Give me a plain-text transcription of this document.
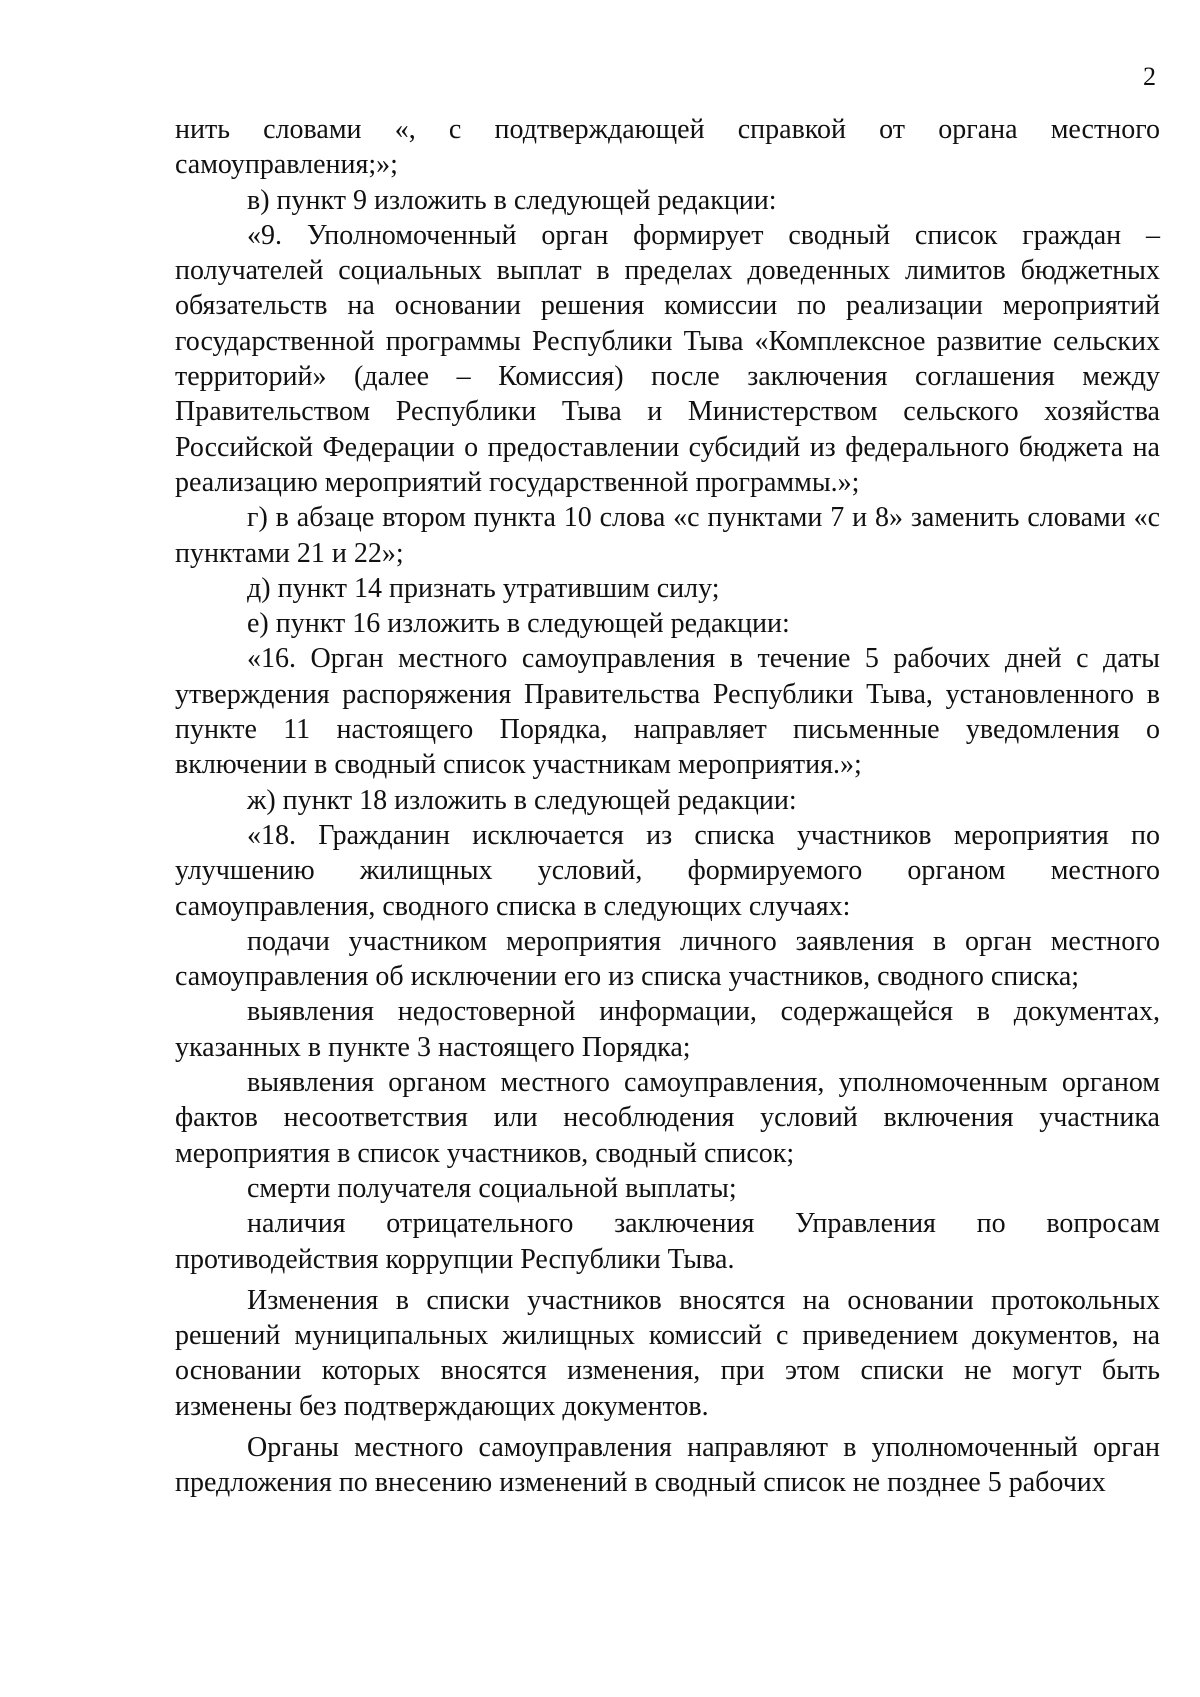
2

нить словами «, с подтверждающей справкой от органа местного самоуправления;»;

в) пункт 9 изложить в следующей редакции:

«9. Уполномоченный орган формирует сводный список граждан – получателей социальных выплат в пределах доведенных лимитов бюджетных обязательств на основании решения комиссии по реализации мероприятий государственной программы Республики Тыва «Комплексное развитие сельских территорий» (далее – Комиссия) после заключения соглашения между Правительством Республики Тыва и Министерством сельского хозяйства Российской Федерации о предоставлении субсидий из федерального бюджета на реализацию мероприятий государственной программы.»;

г) в абзаце втором пункта 10 слова «с пунктами 7 и 8» заменить словами «с пунктами 21 и 22»;

д) пункт 14 признать утратившим силу;

е) пункт 16 изложить в следующей редакции:

«16. Орган местного самоуправления в течение 5 рабочих дней с даты утверждения распоряжения Правительства Республики Тыва, установленного в пункте 11 настоящего Порядка, направляет письменные уведомления о включении в сводный список участникам мероприятия.»;

ж) пункт 18 изложить в следующей редакции:

«18. Гражданин исключается из списка участников мероприятия по улучшению жилищных условий, формируемого органом местного самоуправления, сводного списка в следующих случаях:

подачи участником мероприятия личного заявления в орган местного самоуправления об исключении его из списка участников, сводного списка;

выявления недостоверной информации, содержащейся в документах, указанных в пункте 3 настоящего Порядка;

выявления органом местного самоуправления, уполномоченным органом фактов несоответствия или несоблюдения условий включения участника мероприятия в список участников, сводный список;

смерти получателя социальной выплаты;

наличия отрицательного заключения Управления по вопросам противодействия коррупции Республики Тыва.

Изменения в списки участников вносятся на основании протокольных решений муниципальных жилищных комиссий с приведением документов, на основании которых вносятся изменения, при этом списки не могут быть изменены без подтверждающих документов.

Органы местного самоуправления направляют в уполномоченный орган предложения по внесению изменений в сводный список не позднее 5 рабочих
